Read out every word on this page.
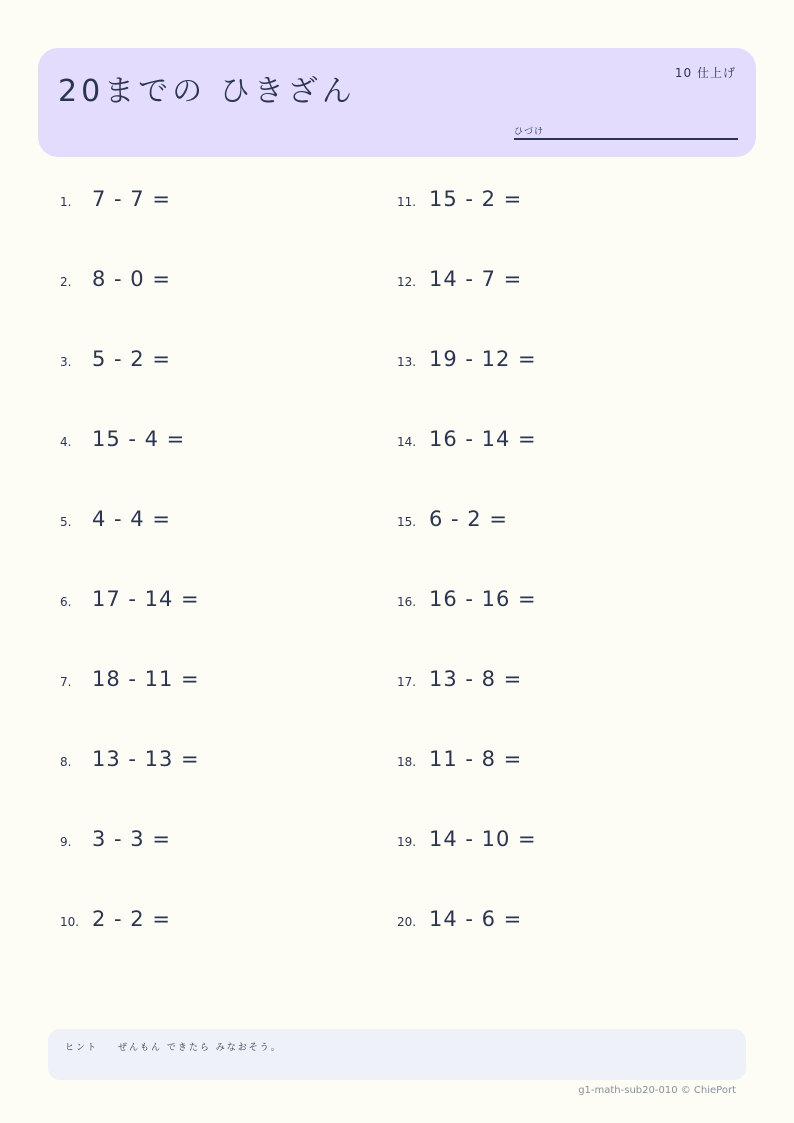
20までの ひきざん
10 仕上げ
ひづけ
1. 7 - 7 =
2. 8 - 0 =
3. 5 - 2 =
4. 15 - 4 =
5. 4 - 4 =
6. 17 - 14 =
7. 18 - 11 =
8. 13 - 13 =
9. 3 - 3 =
10. 2 - 2 =
11. 15 - 2 =
12. 14 - 7 =
13. 19 - 12 =
14. 16 - 14 =
15. 6 - 2 =
16. 16 - 16 =
17. 13 - 8 =
18. 11 - 8 =
19. 14 - 10 =
20. 14 - 6 =
ヒント ぜんもん できたら みなおそう。
g1-math-sub20-010 © ChiePort
